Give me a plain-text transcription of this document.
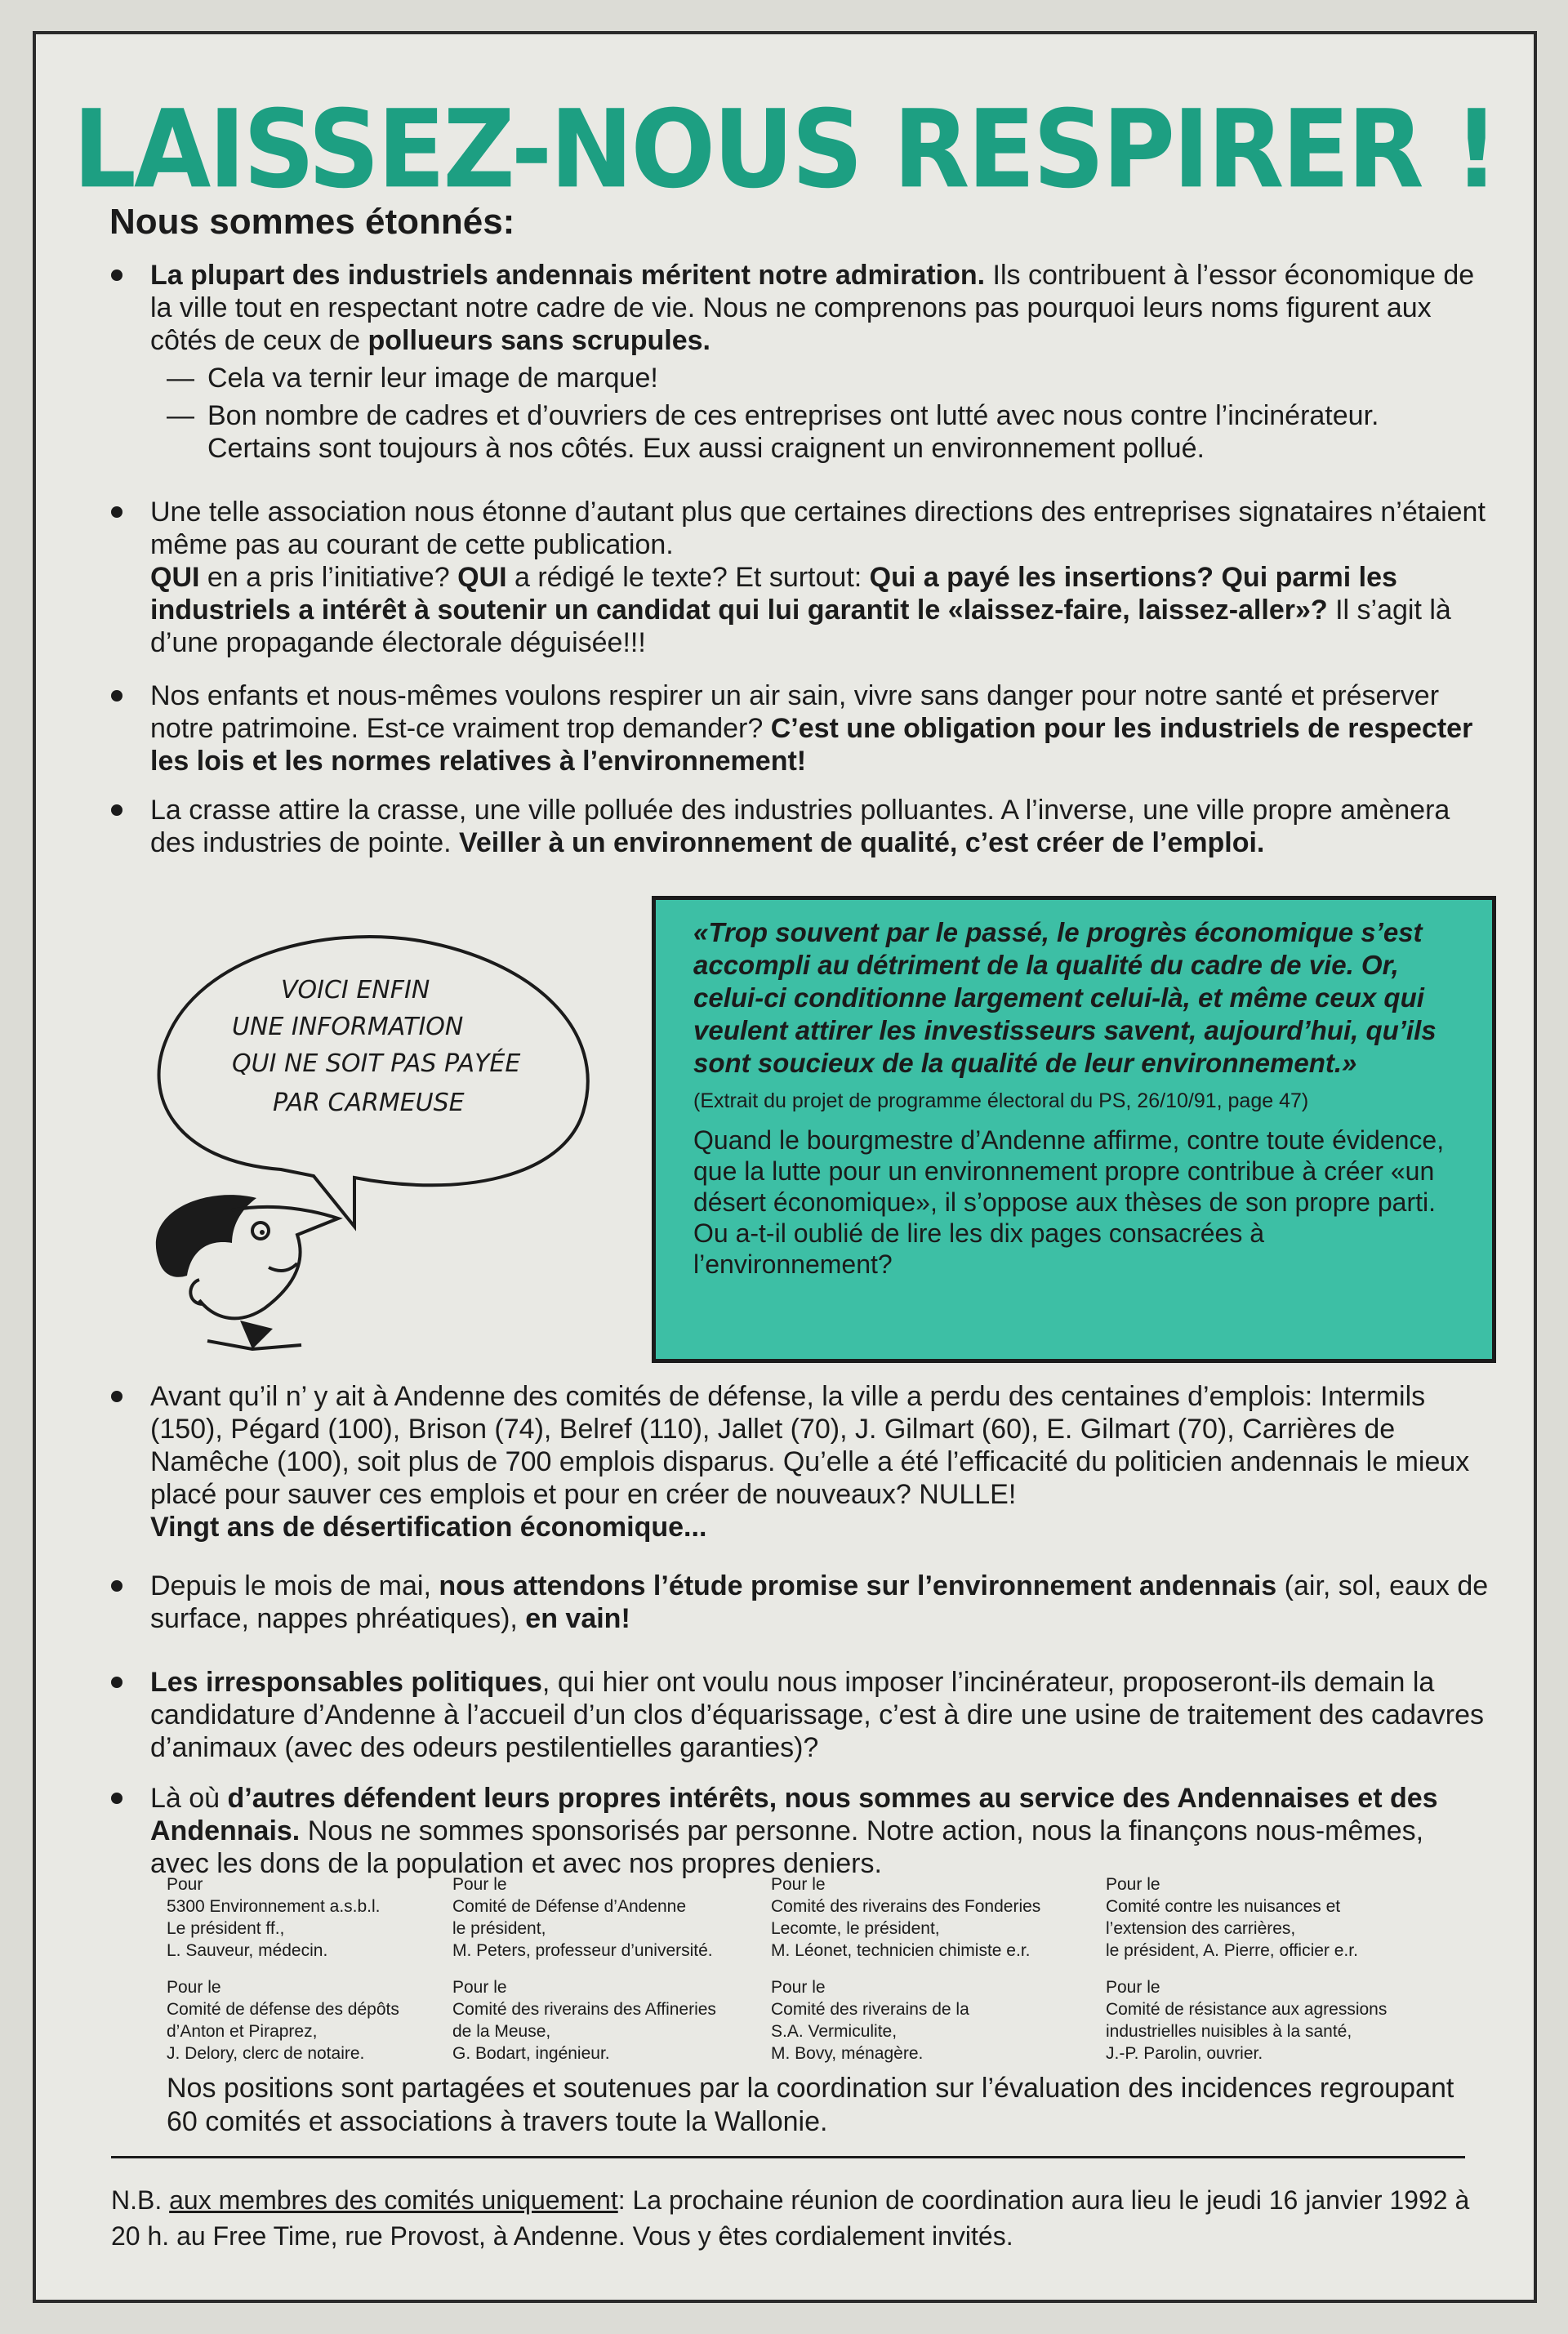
LAISSEZ-NOUS RESPIRER !
Nous sommes étonnés:
La plupart des industriels andennais méritent notre admiration. Ils contribuent à l’essor économique de la ville tout en respectant notre cadre de vie. Nous ne comprenons pas pourquoi leurs noms figurent aux côtés de ceux de pollueurs sans scrupules.
— Cela va ternir leur image de marque!
— Bon nombre de cadres et d’ouvriers de ces entreprises ont lutté avec nous contre l’incinérateur. Certains sont toujours à nos côtés. Eux aussi craignent un environnement pollué.
Une telle association nous étonne d’autant plus que certaines directions des entreprises signataires n’étaient même pas au courant de cette publication.
QUI en a pris l’initiative? QUI a rédigé le texte? Et surtout: Qui a payé les insertions? Qui parmi les industriels a intérêt à soutenir un candidat qui lui garantit le «laissez-faire, laissez-aller»? Il s’agit là d’une propagande électorale déguisée!!!
Nos enfants et nous-mêmes voulons respirer un air sain, vivre sans danger pour notre santé et préserver notre patrimoine. Est-ce vraiment trop demander? C’est une obligation pour les industriels de respecter les lois et les normes relatives à l’environnement!
La crasse attire la crasse, une ville polluée des industries polluantes. A l’inverse, une ville propre amènera des industries de pointe. Veiller à un environnement de qualité, c’est créer de l’emploi.
VOICI ENFIN
UNE INFORMATION
QUI NE SOIT PAS PAYÉE
PAR CARMEUSE
«Trop souvent par le passé, le progrès économique s’est accompli au détriment de la qualité du cadre de vie. Or, celui-ci conditionne largement celui-là, et même ceux qui veulent attirer les investisseurs savent, aujourd’hui, qu’ils sont soucieux de la qualité de leur environnement.»
(Extrait du projet de programme électoral du PS, 26/10/91, page 47)
Quand le bourgmestre d’Andenne affirme, contre toute évidence, que la lutte pour un environnement propre contribue à créer «un désert économique», il s’oppose aux thèses de son propre parti. Ou a-t-il oublié de lire les dix pages consacrées à l’environnement?
Avant qu’il n’ y ait à Andenne des comités de défense, la ville a perdu des centaines d’emplois: Intermils (150), Pégard (100), Brison (74), Belref (110), Jallet (70), J. Gilmart (60), E. Gilmart (70), Carrières de Namêche (100), soit plus de 700 emplois disparus. Qu’elle a été l’efficacité du politicien andennais le mieux placé pour sauver ces emplois et pour en créer de nouveaux? NULLE!
Vingt ans de désertification économique...
Depuis le mois de mai, nous attendons l’étude promise sur l’environnement andennais (air, sol, eaux de surface, nappes phréatiques), en vain!
Les irresponsables politiques, qui hier ont voulu nous imposer l’incinérateur, proposeront-ils demain la candidature d’Andenne à l’accueil d’un clos d’équarissage, c’est à dire une usine de traitement des cadavres d’animaux (avec des odeurs pestilentielles garanties)?
Là où d’autres défendent leurs propres intérêts, nous sommes au service des Andennaises et des Andennais. Nous ne sommes sponsorisés par personne. Notre action, nous la finançons nous-mêmes, avec les dons de la population et avec nos propres deniers.
Pour
5300 Environnement a.s.b.l.
Le président ff.,
L. Sauveur, médecin.
Pour le
Comité de Défense d’Andenne
le président,
M. Peters, professeur d’université.
Pour le
Comité des riverains des Fonderies
Lecomte, le président,
M. Léonet, technicien chimiste e.r.
Pour le
Comité contre les nuisances et
l’extension des carrières,
le président, A. Pierre, officier e.r.
Pour le
Comité de défense des dépôts
d’Anton et Piraprez,
J. Delory, clerc de notaire.
Pour le
Comité des riverains des Affineries
de la Meuse,
G. Bodart, ingénieur.
Pour le
Comité des riverains de la
S.A. Vermiculite,
M. Bovy, ménagère.
Pour le
Comité de résistance aux agressions
industrielles nuisibles à la santé,
J.-P. Parolin, ouvrier.
Nos positions sont partagées et soutenues par la coordination sur l’évaluation des incidences regroupant 60 comités et associations à travers toute la Wallonie.
N.B. aux membres des comités uniquement: La prochaine réunion de coordination aura lieu le jeudi 16 janvier 1992 à 20 h. au Free Time, rue Provost, à Andenne. Vous y êtes cordialement invités.
